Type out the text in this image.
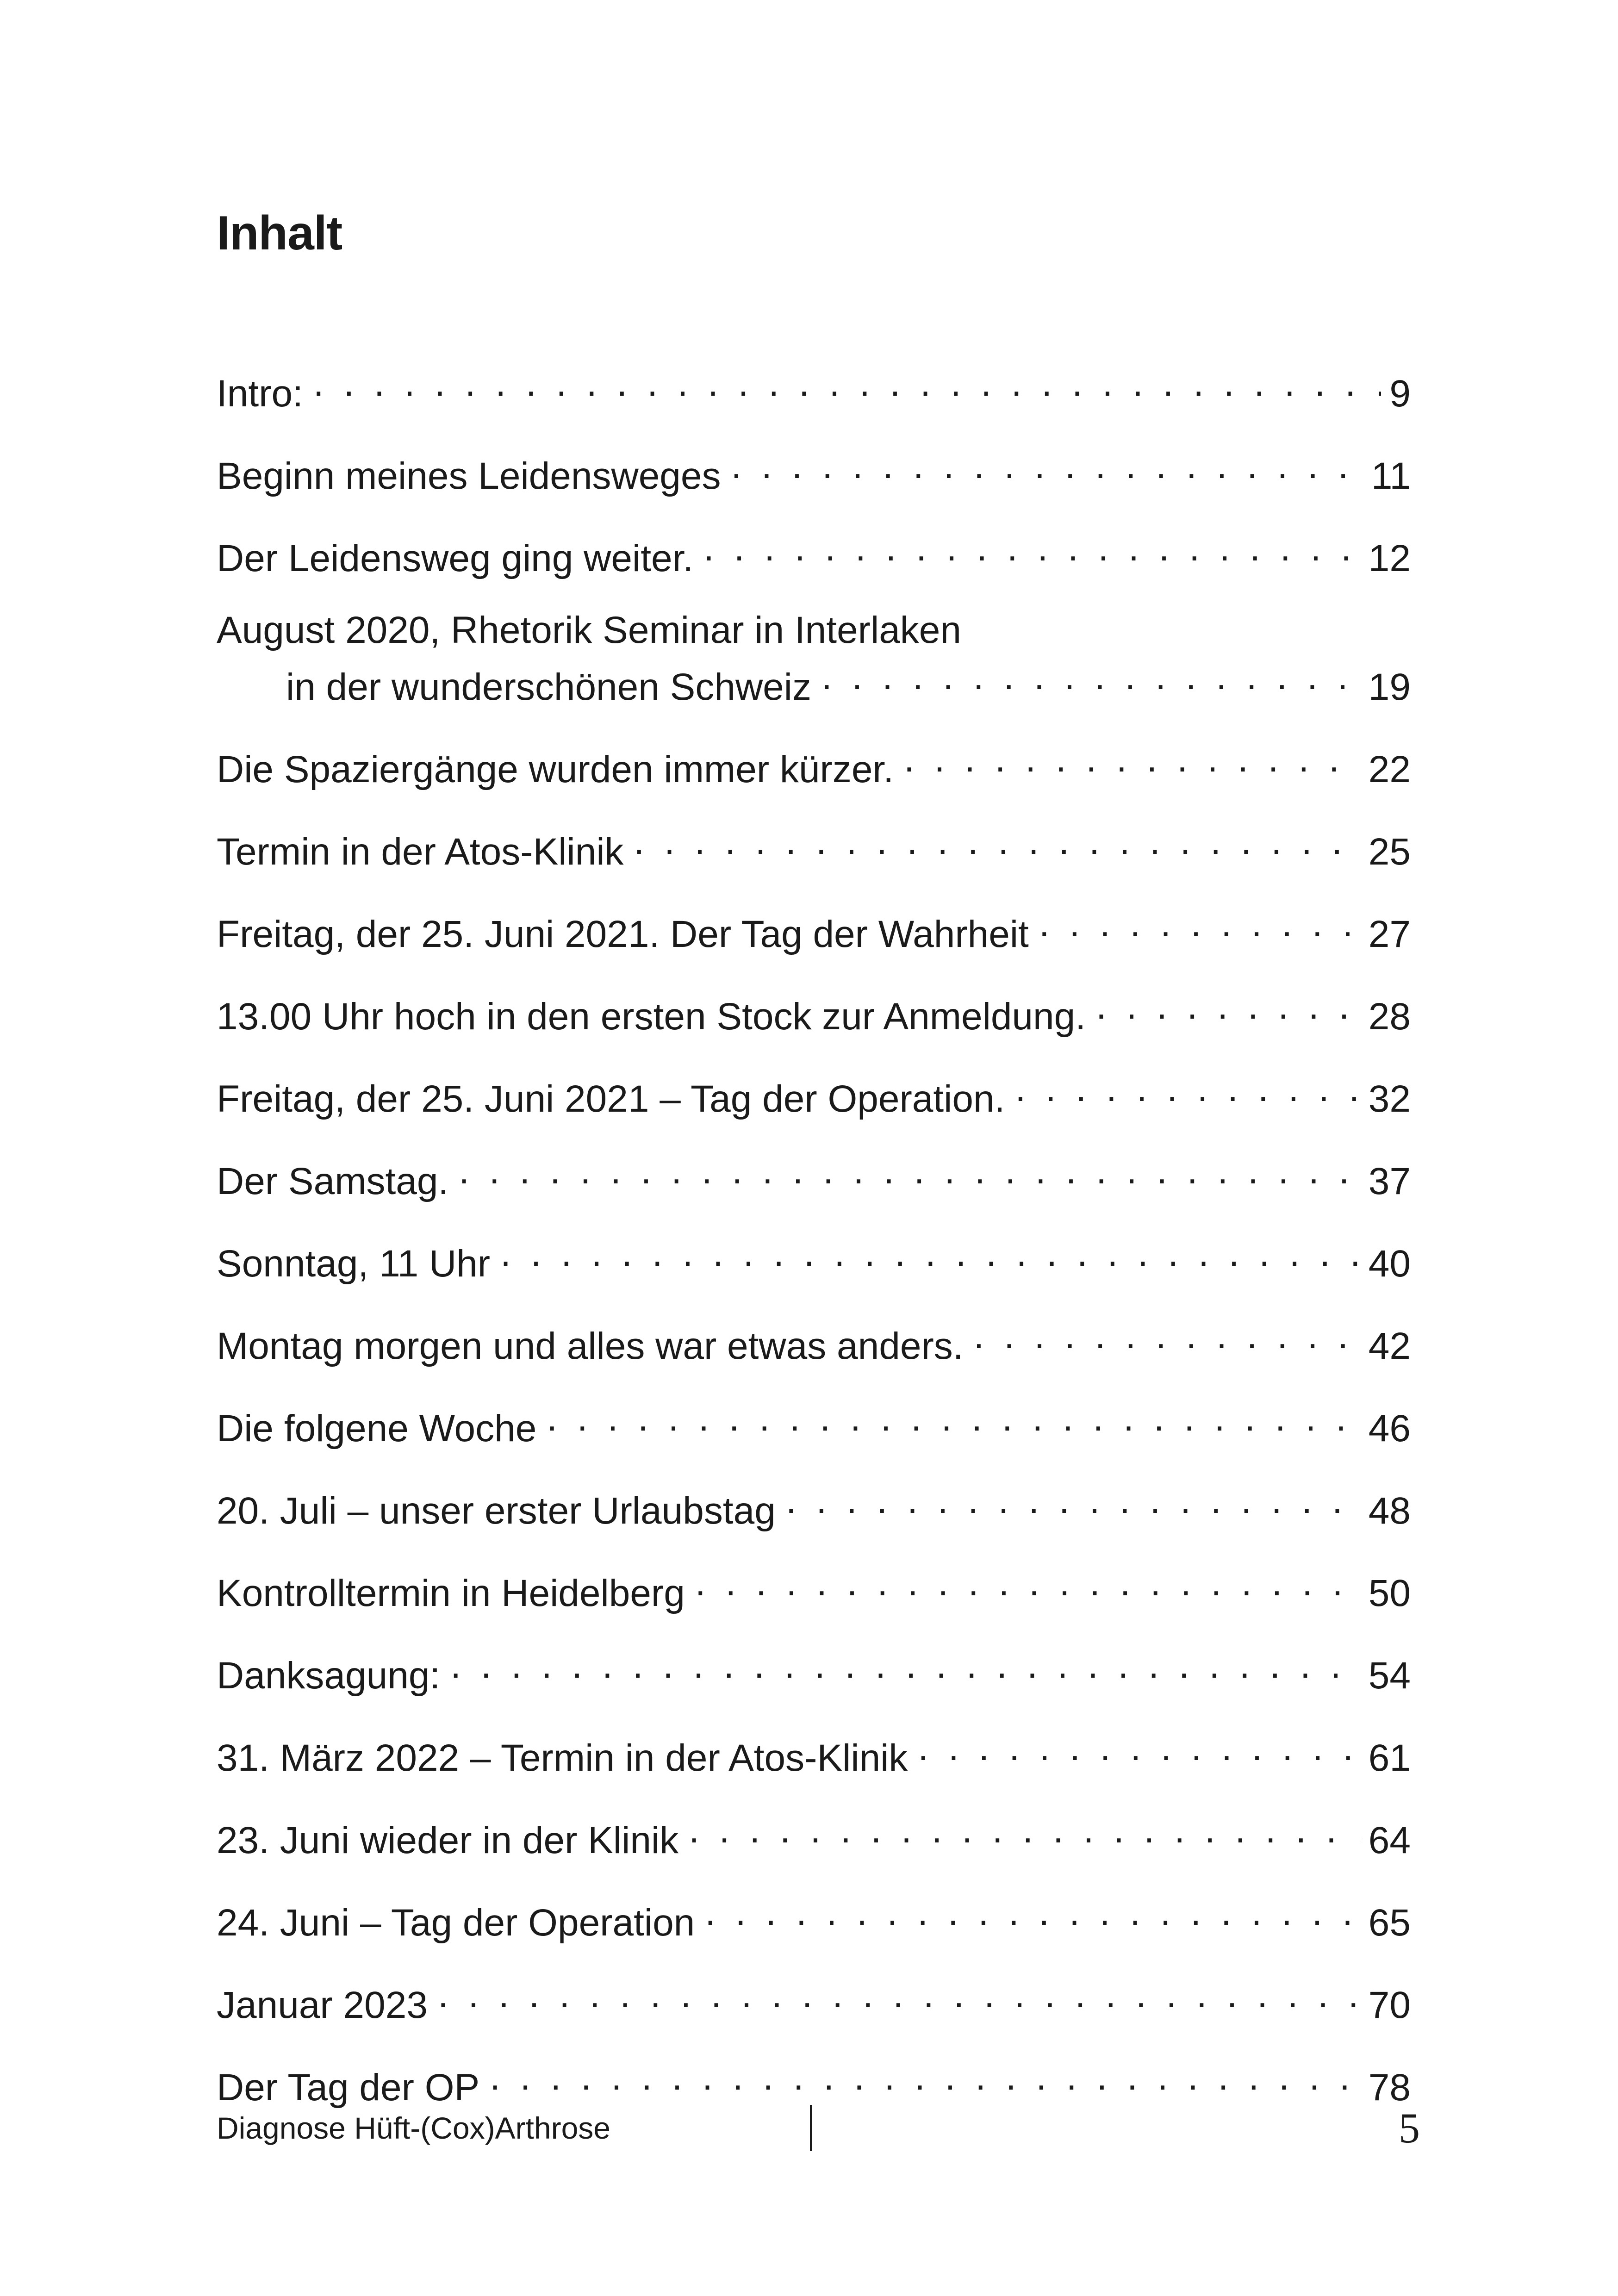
Inhalt
Intro: . . .	9
Beginn meines Leidensweges . . .	11
Der Leidensweg ging weiter. . . .	12
August 2020, Rhetorik Seminar in Interlaken
in der wunderschönen Schweiz . . .	19
Die Spaziergänge wurden immer kürzer. . . .	22
Termin in der Atos-Klinik . . .	25
Freitag, der 25. Juni 2021. Der Tag der Wahrheit . . .	27
13.00 Uhr hoch in den ersten Stock zur Anmeldung. . . .	28
Freitag, der 25. Juni 2021 – Tag der Operation. . . .	32
Der Samstag. . . .	37
Sonntag, 11 Uhr . . .	40
Montag morgen und alles war etwas anders. . . .	42
Die folgene Woche . . .	46
20. Juli – unser erster Urlaubstag . . .	48
Kontrolltermin in Heidelberg . . .	50
Danksagung: . . .	54
31. März 2022 – Termin in der Atos-Klinik . . .	61
23. Juni wieder in der Klinik . . .	64
24. Juni – Tag der Operation . . .	65
Januar 2023 . . .	70
Der Tag der OP . . .	78
Diagnose Hüft-(Cox)Arthrose	5
